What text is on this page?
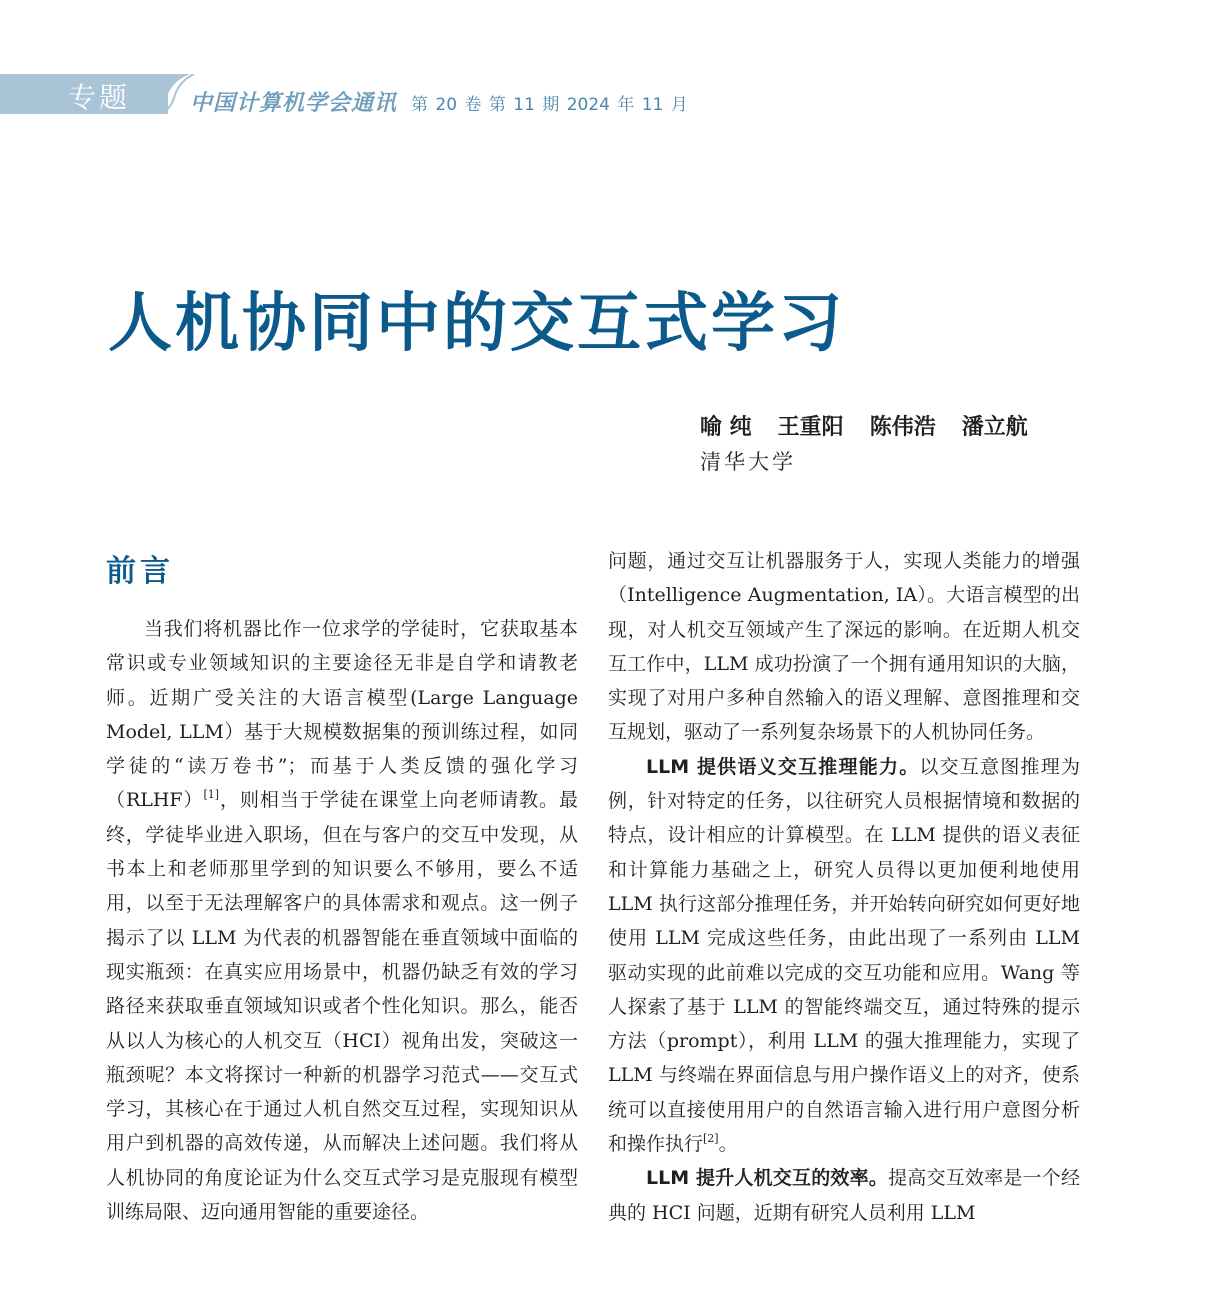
专题	中国计算机学会通讯 第 20 卷 第 11 期 2024 年 11 月
人机协同中的交互式学习
喻 纯 王重阳 陈伟浩 潘立航
清华大学
前言

当我们将机器比作一位求学的学徒时，它获取基本常识或专业领域知识的主要途径无非是自学和请教老师。近期广受关注的大语言模型(Large Language Model, LLM）基于大规模数据集的预训练过程，如同学徒的“读万卷书”；而基于人类反馈的强化学习（RLHF）[1]，则相当于学徒在课堂上向老师请教。最终，学徒毕业进入职场，但在与客户的交互中发现，从书本上和老师那里学到的知识要么不够用，要么不适用，以至于无法理解客户的具体需求和观点。这一例子揭示了以 LLM 为代表的机器智能在垂直领域中面临的现实瓶颈：在真实应用场景中，机器仍缺乏有效的学习路径来获取垂直领域知识或者个性化知识。那么，能否从以人为核心的人机交互（HCI）视角出发，突破这一瓶颈呢？本文将探讨一种新的机器学习范式——交互式学习，其核心在于通过人机自然交互过程，实现知识从用户到机器的高效传递，从而解决上述问题。我们将从人机协同的角度论证为什么交互式学习是克服现有模型训练局限、迈向通用智能的重要途径。

问题，通过交互让机器服务于人，实现人类能力的增强（Intelligence Augmentation, IA）。大语言模型的出现，对人机交互领域产生了深远的影响。在近期人机交互工作中，LLM 成功扮演了一个拥有通用知识的大脑，实现了对用户多种自然输入的语义理解、意图推理和交互规划，驱动了一系列复杂场景下的人机协同任务。

LLM 提供语义交互推理能力。以交互意图推理为例，针对特定的任务，以往研究人员根据情境和数据的特点，设计相应的计算模型。在 LLM 提供的语义表征和计算能力基础之上，研究人员得以更加便利地使用 LLM 执行这部分推理任务，并开始转向研究如何更好地使用 LLM 完成这些任务，由此出现了一系列由 LLM 驱动实现的此前难以完成的交互功能和应用。Wang 等人探索了基于 LLM 的智能终端交互，通过特殊的提示方法（prompt），利用 LLM 的强大推理能力，实现了 LLM 与终端在界面信息与用户操作语义上的对齐，使系统可以直接使用用户的自然语言输入进行用户意图分析和操作执行[2]。

LLM 提升人机交互的效率。提高交互效率是一个经典的 HCI 问题，近期有研究人员利用 LLM
